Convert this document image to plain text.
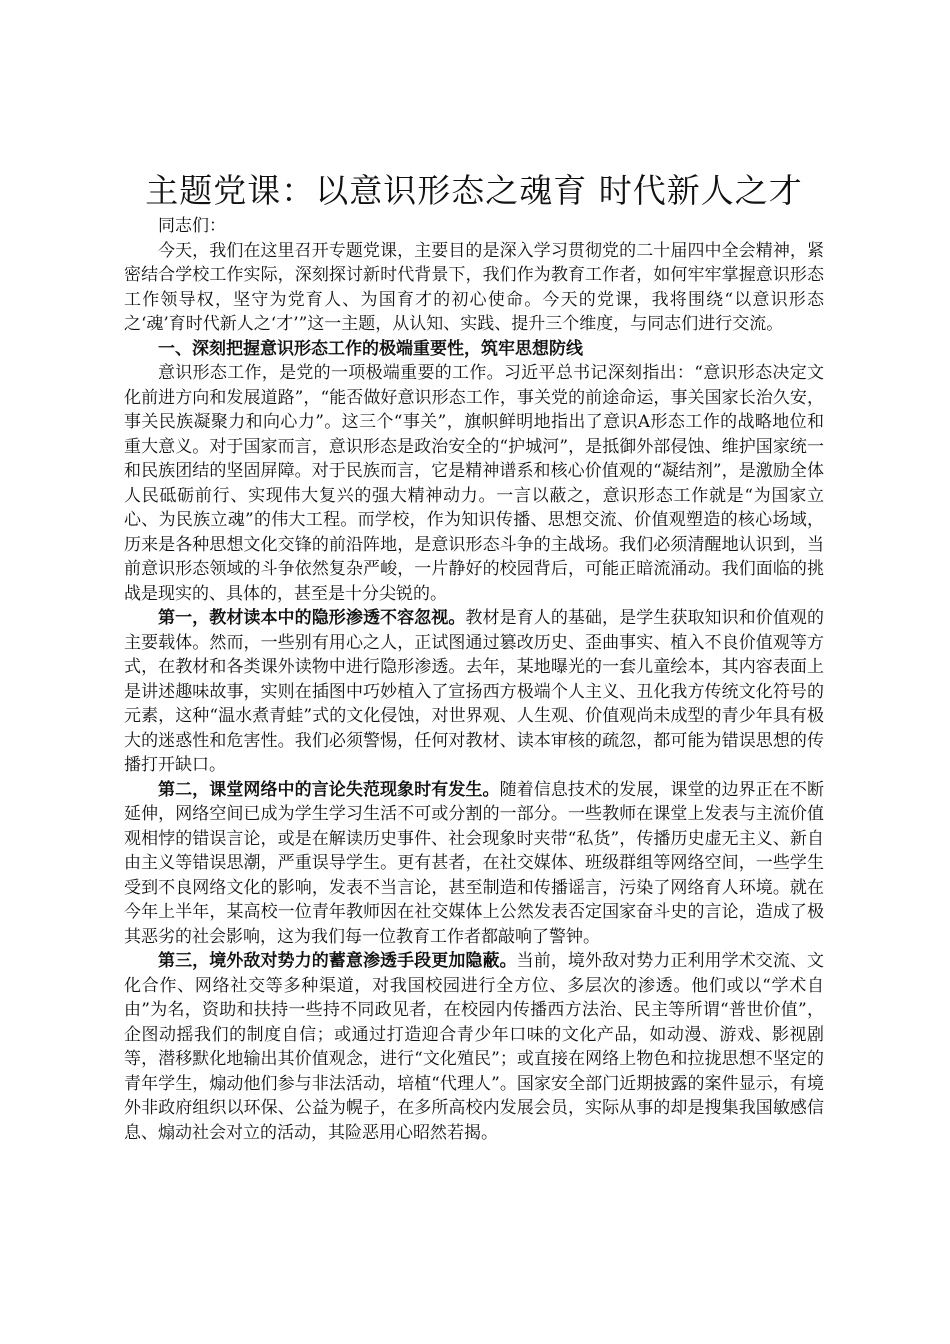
主题党课：以意识形态之魂育 时代新人之才

同志们：

今天，我们在这里召开专题党课，主要目的是深入学习贯彻党的二十届四中全会精神，紧密结合学校工作实际，深刻探讨新时代背景下，我们作为教育工作者，如何牢牢掌握意识形态工作领导权，坚守为党育人、为国育才的初心使命。今天的党课，我将围绕“以意识形态之‘魂’育时代新人之‘才’”这一主题，从认知、实践、提升三个维度，与同志们进行交流。

一、深刻把握意识形态工作的极端重要性，筑牢思想防线

意识形态工作，是党的一项极端重要的工作。习近平总书记深刻指出：“意识形态决定文化前进方向和发展道路”，“能否做好意识形态工作，事关党的前途命运，事关国家长治久安，事关民族凝聚力和向心力”。这三个“事关”，旗帜鲜明地指出了意识A形态工作的战略地位和重大意义。对于国家而言，意识形态是政治安全的“护城河”，是抵御外部侵蚀、维护国家统一和民族团结的坚固屏障。对于民族而言，它是精神谱系和核心价值观的“凝结剂”，是激励全体人民砥砺前行、实现伟大复兴的强大精神动力。一言以蔽之，意识形态工作就是“为国家立心、为民族立魂”的伟大工程。而学校，作为知识传播、思想交流、价值观塑造的核心场域，历来是各种思想文化交锋的前沿阵地，是意识形态斗争的主战场。我们必须清醒地认识到，当前意识形态领域的斗争依然复杂严峻，一片静好的校园背后，可能正暗流涌动。我们面临的挑战是现实的、具体的，甚至是十分尖锐的。

第一，教材读本中的隐形渗透不容忽视。教材是育人的基础，是学生获取知识和价值观的主要载体。然而，一些别有用心之人，正试图通过篡改历史、歪曲事实、植入不良价值观等方式，在教材和各类课外读物中进行隐形渗透。去年，某地曝光的一套儿童绘本，其内容表面上是讲述趣味故事，实则在插图中巧妙植入了宣扬西方极端个人主义、丑化我方传统文化符号的元素，这种“温水煮青蛙”式的文化侵蚀，对世界观、人生观、价值观尚未成型的青少年具有极大的迷惑性和危害性。我们必须警惕，任何对教材、读本审核的疏忽，都可能为错误思想的传播打开缺口。

第二，课堂网络中的言论失范现象时有发生。随着信息技术的发展，课堂的边界正在不断延伸，网络空间已成为学生学习生活不可或分割的一部分。一些教师在课堂上发表与主流价值观相悖的错误言论，或是在解读历史事件、社会现象时夹带“私货”，传播历史虚无主义、新自由主义等错误思潮，严重误导学生。更有甚者，在社交媒体、班级群组等网络空间，一些学生受到不良网络文化的影响，发表不当言论，甚至制造和传播谣言，污染了网络育人环境。就在今年上半年，某高校一位青年教师因在社交媒体上公然发表否定国家奋斗史的言论，造成了极其恶劣的社会影响，这为我们每一位教育工作者都敲响了警钟。

第三，境外敌对势力的蓄意渗透手段更加隐蔽。当前，境外敌对势力正利用学术交流、文化合作、网络社交等多种渠道，对我国校园进行全方位、多层次的渗透。他们或以“学术自由”为名，资助和扶持一些持不同政见者，在校园内传播西方法治、民主等所谓“普世价值”，企图动摇我们的制度自信；或通过打造迎合青少年口味的文化产品，如动漫、游戏、影视剧等，潜移默化地输出其价值观念，进行“文化殖民”；或直接在网络上物色和拉拢思想不坚定的青年学生，煽动他们参与非法活动，培植“代理人”。国家安全部门近期披露的案件显示，有境外非政府组织以环保、公益为幌子，在多所高校内发展会员，实际从事的却是搜集我国敏感信息、煽动社会对立的活动，其险恶用心昭然若揭。
